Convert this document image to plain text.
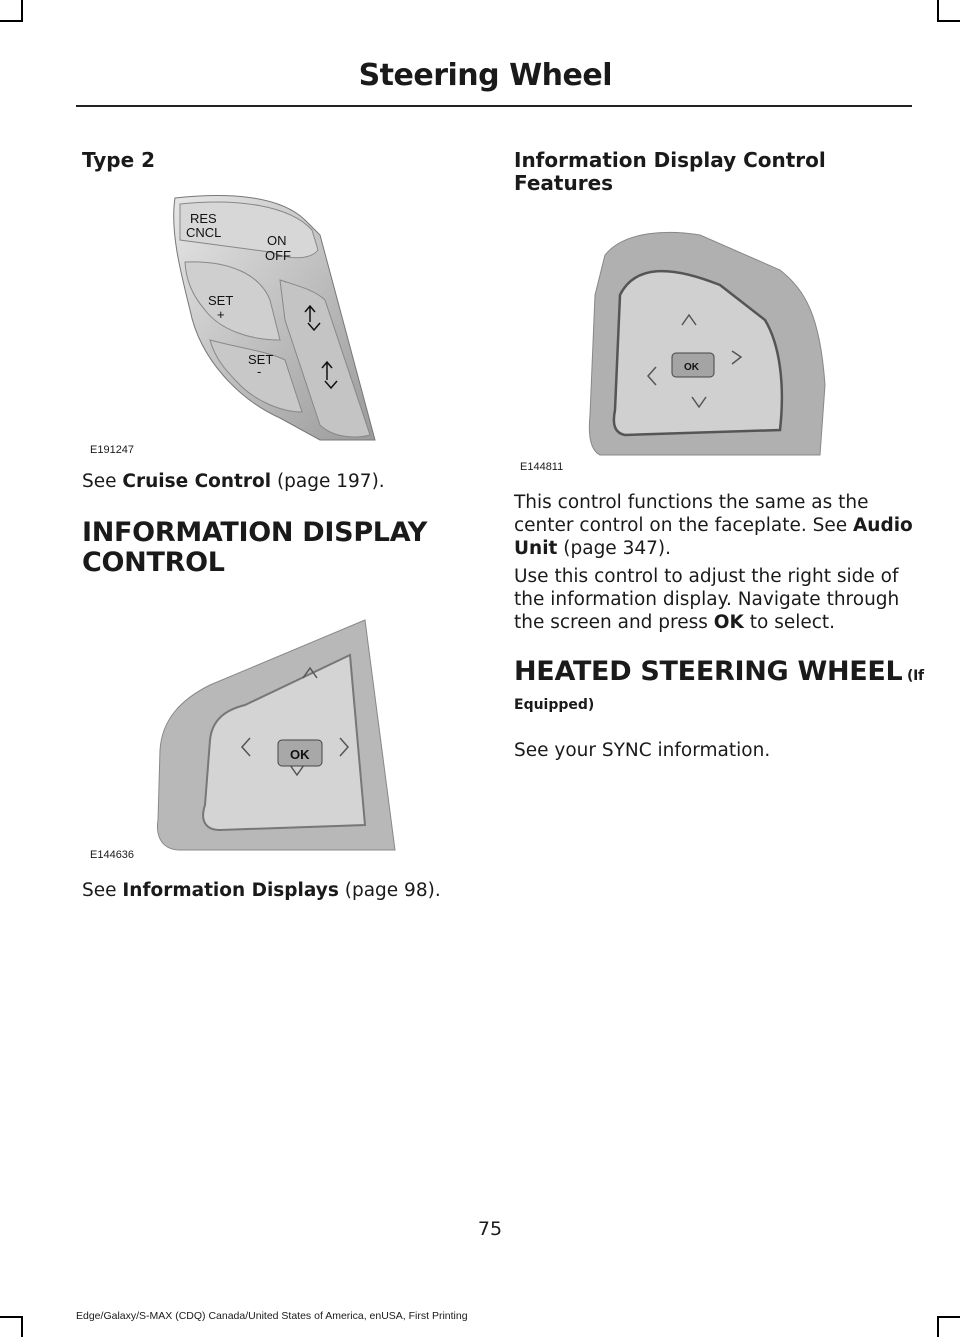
Steering Wheel
Type 2
RES
CNCL
ON
OFF
SET
+
SET
-
E191247
See Cruise Control (page 197).
INFORMATION DISPLAY
CONTROL
OK
E144636
See Information Displays (page 98).
Information Display Control
Features
OK
E144811
This control functions the same as the
center control on the faceplate. See Audio
Unit (page 347).
Use this control to adjust the right side of
the information display. Navigate through
the screen and press OK to select.
HEATED STEERING WHEEL (If
Equipped)
See your SYNC information.
75
Edge/Galaxy/S-MAX (CDQ) Canada/United States of America, enUSA, First Printing
